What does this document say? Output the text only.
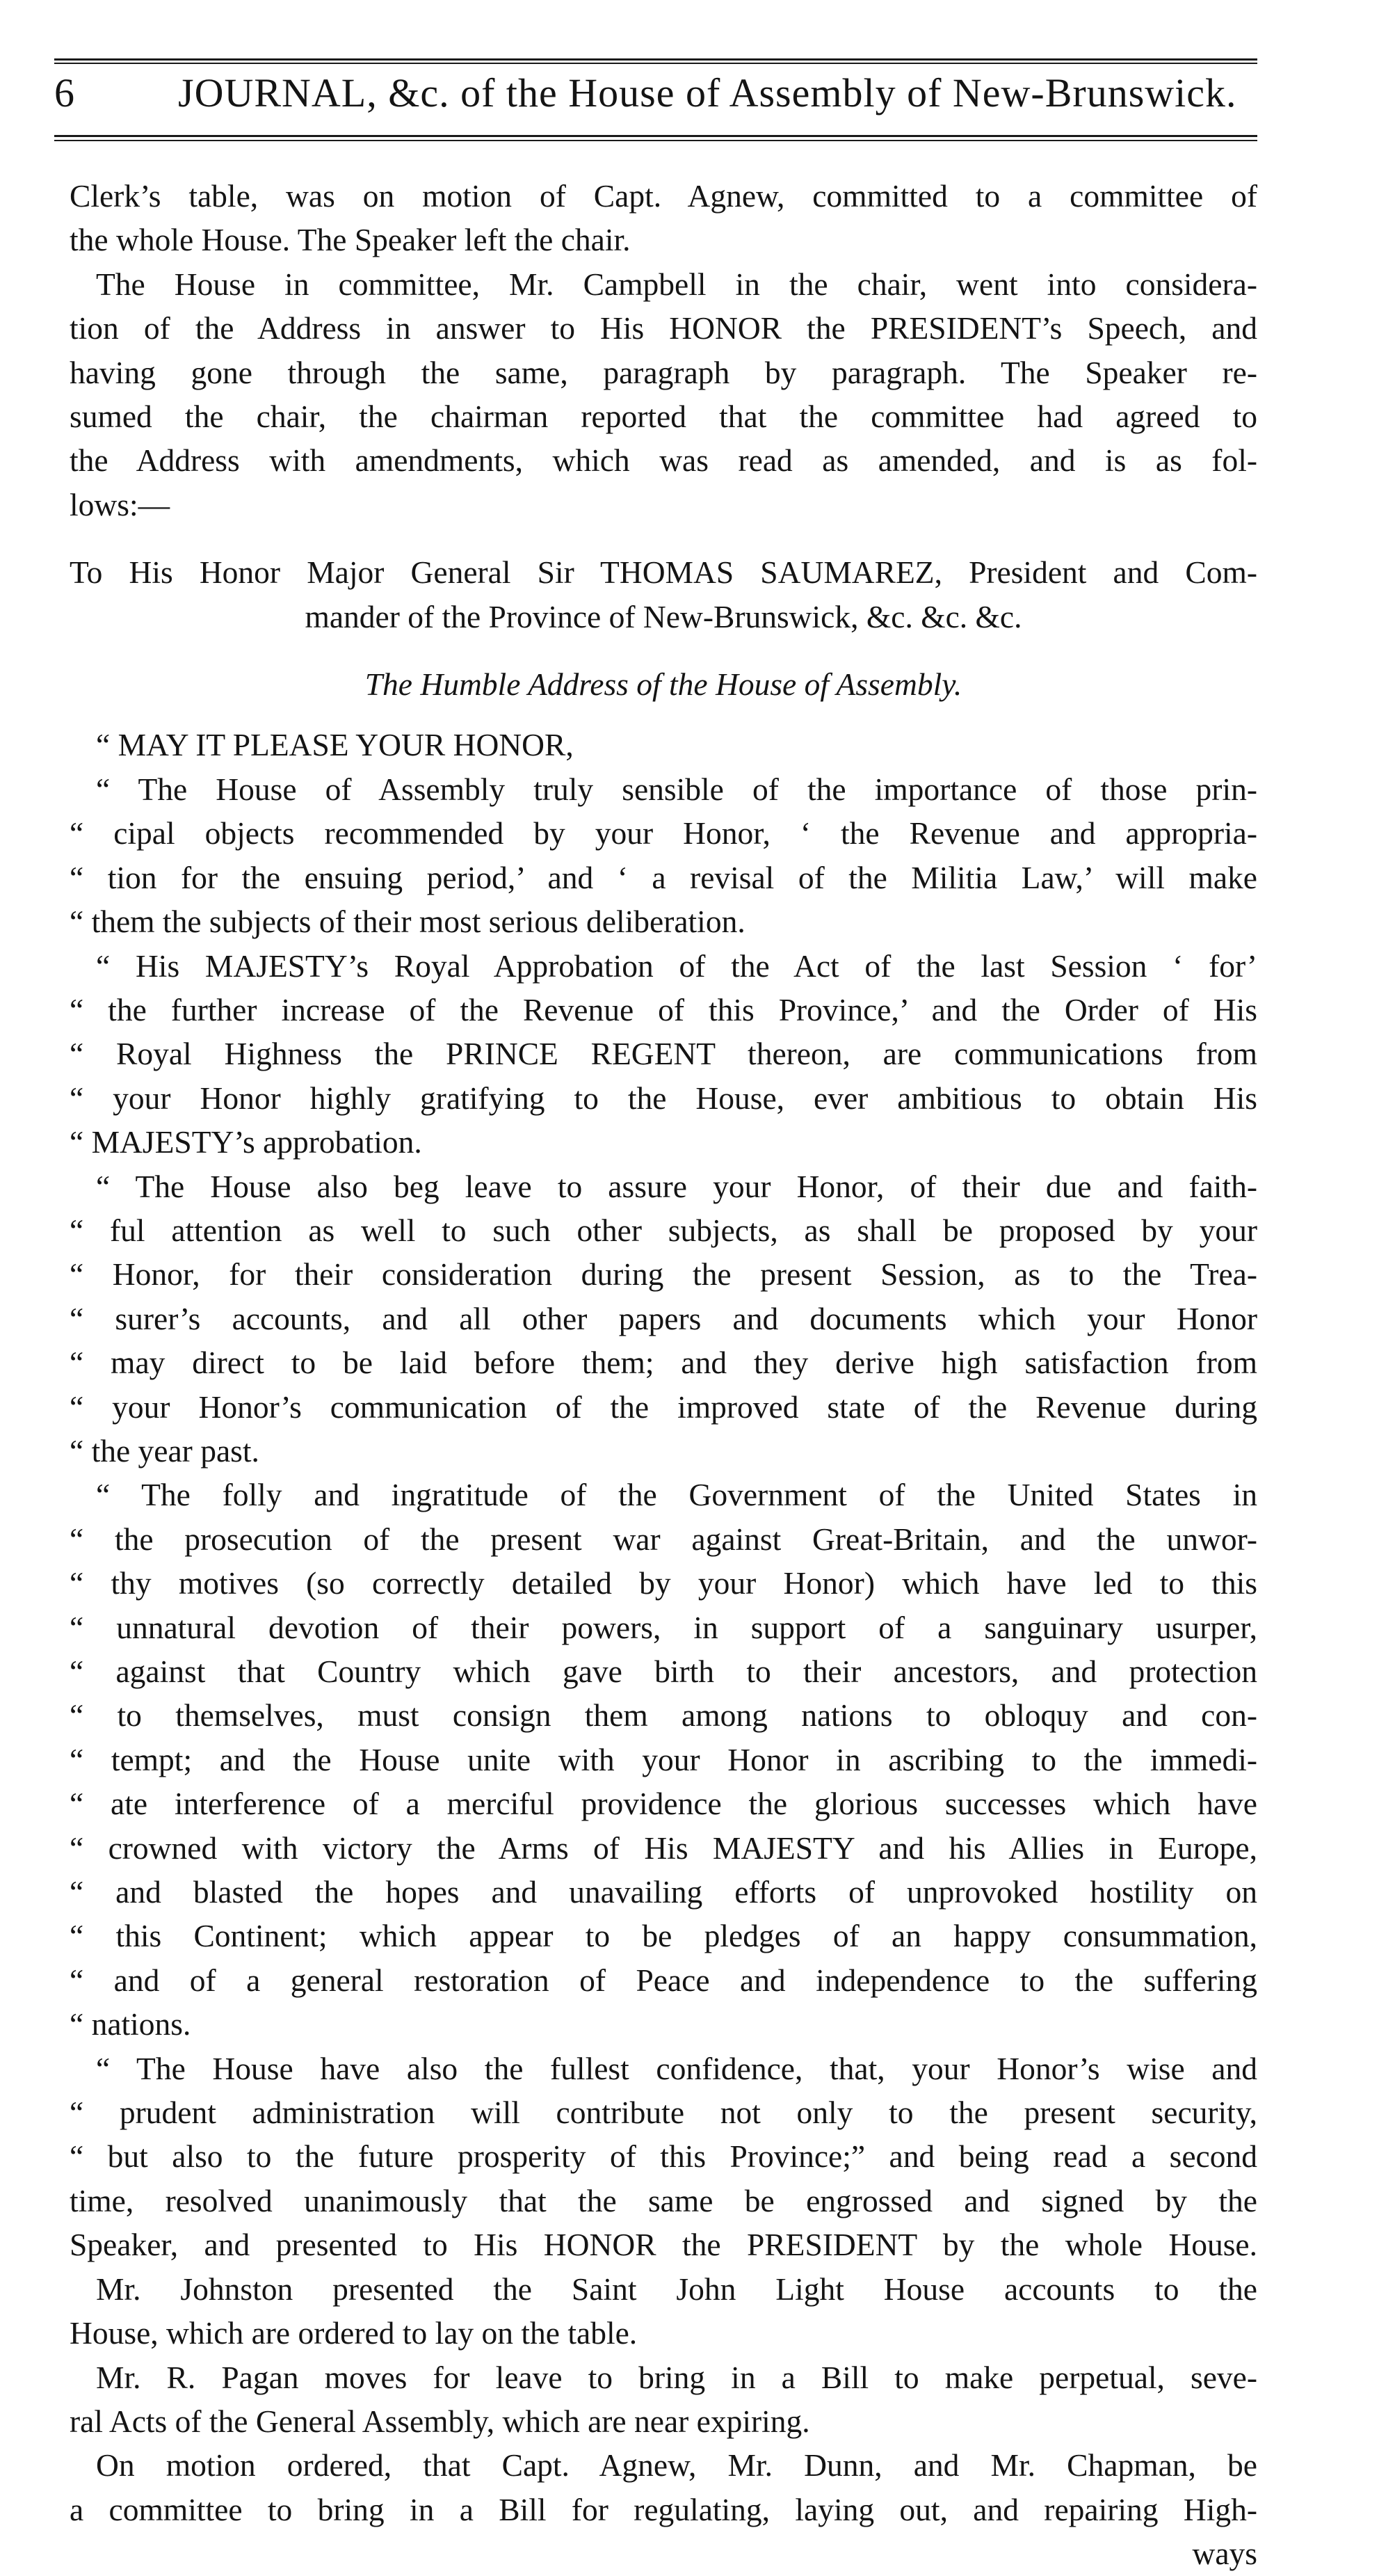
6	JOURNAL, &c. of the House of Assembly of New-Brunswick.

Clerk’s table, was on motion of Capt. Agnew, committed to a committee of

the whole House. The Speaker left the chair.

The House in committee, Mr. Campbell in the chair, went into considera-

tion of the Address in answer to His HONOR the PRESIDENT’s Speech, and

having gone through the same, paragraph by paragraph. The Speaker re-

sumed the chair, the chairman reported that the committee had agreed to

the Address with amendments, which was read as amended, and is as fol-

lows:—

To His Honor Major General Sir THOMAS SAUMAREZ, President and Com-

mander of the Province of New-Brunswick, &c. &c. &c.

The Humble Address of the House of Assembly.

“ MAY IT PLEASE YOUR HONOR,

“ The House of Assembly truly sensible of the importance of those prin-

“ cipal objects recommended by your Honor, ‘ the Revenue and appropria-

“ tion for the ensuing period,’ and ‘ a revisal of the Militia Law,’ will make

“ them the subjects of their most serious deliberation.

“ His MAJESTY’s Royal Approbation of the Act of the last Session ‘ for’

“ the further increase of the Revenue of this Province,’ and the Order of His

“ Royal Highness the PRINCE REGENT thereon, are communications from

“ your Honor highly gratifying to the House, ever ambitious to obtain His

“ MAJESTY’s approbation.

“ The House also beg leave to assure your Honor, of their due and faith-

“ ful attention as well to such other subjects, as shall be proposed by your

“ Honor, for their consideration during the present Session, as to the Trea-

“ surer’s accounts, and all other papers and documents which your Honor

“ may direct to be laid before them; and they derive high satisfaction from

“ your Honor’s communication of the improved state of the Revenue during

“ the year past.

“ The folly and ingratitude of the Government of the United States in

“ the prosecution of the present war against Great-Britain, and the unwor-

“ thy motives (so correctly detailed by your Honor) which have led to this

“ unnatural devotion of their powers, in support of a sanguinary usurper,

“ against that Country which gave birth to their ancestors, and protection

“ to themselves, must consign them among nations to obloquy and con-

“ tempt; and the House unite with your Honor in ascribing to the immedi-

“ ate interference of a merciful providence the glorious successes which have

“ crowned with victory the Arms of His MAJESTY and his Allies in Europe,

“ and blasted the hopes and unavailing efforts of unprovoked hostility on

“ this Continent; which appear to be pledges of an happy consummation,

“ and of a general restoration of Peace and independence to the suffering

“ nations.

“ The House have also the fullest confidence, that, your Honor’s wise and

“ prudent administration will contribute not only to the present security,

“ but also to the future prosperity of this Province;” and being read a second

time, resolved unanimously that the same be engrossed and signed by the

Speaker, and presented to His HONOR the PRESIDENT by the whole House.

Mr. Johnston presented the Saint John Light House accounts to the

House, which are ordered to lay on the table.

Mr. R. Pagan moves for leave to bring in a Bill to make perpetual, seve-

ral Acts of the General Assembly, which are near expiring.

On motion ordered, that Capt. Agnew, Mr. Dunn, and Mr. Chapman, be

a committee to bring in a Bill for regulating, laying out, and repairing High-

ways
